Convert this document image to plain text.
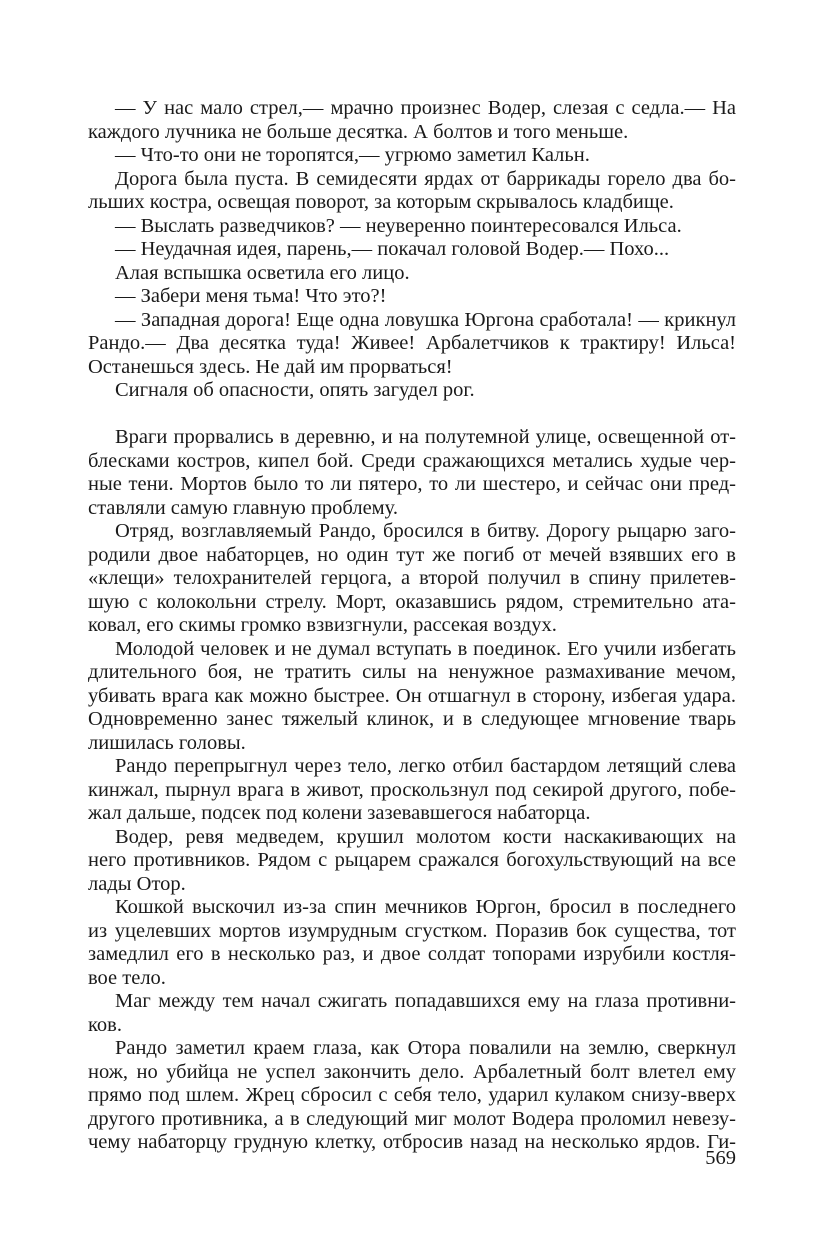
— У нас мало стрел,— мрачно произнес Водер, слезая с седла.— На
каждого лучника не больше десятка. А болтов и того меньше.
— Что-то они не торопятся,— угрюмо заметил Кальн.
Дорога была пуста. В семидесяти ярдах от баррикады горело два бо-
льших костра, освещая поворот, за которым скрывалось кладбище.
— Выслать разведчиков? — неуверенно поинтересовался Ильса.
— Неудачная идея, парень,— покачал головой Водер.— Похо...
Алая вспышка осветила его лицо.
— Забери меня тьма! Что это?!
— Западная дорога! Еще одна ловушка Юргона сработала! — крикнул
Рандо.— Два десятка туда! Живее! Арбалетчиков к трактиру! Ильса!
Останешься здесь. Не дай им прорваться!
Сигналя об опасности, опять загудел рог.
Враги прорвались в деревню, и на полутемной улице, освещенной от-
блесками костров, кипел бой. Среди сражающихся метались худые чер-
ные тени. Мортов было то ли пятеро, то ли шестеро, и сейчас они пред-
ставляли самую главную проблему.
Отряд, возглавляемый Рандо, бросился в битву. Дорогу рыцарю заго-
родили двое набаторцев, но один тут же погиб от мечей взявших его в
«клещи» телохранителей герцога, а второй получил в спину прилетев-
шую с колокольни стрелу. Морт, оказавшись рядом, стремительно ата-
ковал, его скимы громко взвизгнули, рассекая воздух.
Молодой человек и не думал вступать в поединок. Его учили избегать
длительного боя, не тратить силы на ненужное размахивание мечом,
убивать врага как можно быстрее. Он отшагнул в сторону, избегая удара.
Одновременно занес тяжелый клинок, и в следующее мгновение тварь
лишилась головы.
Рандо перепрыгнул через тело, легко отбил бастардом летящий слева
кинжал, пырнул врага в живот, проскользнул под секирой другого, побе-
жал дальше, подсек под колени зазевавшегося набаторца.
Водер, ревя медведем, крушил молотом кости наскакивающих на
него противников. Рядом с рыцарем сражался богохульствующий на все
лады Отор.
Кошкой выскочил из-за спин мечников Юргон, бросил в последнего
из уцелевших мортов изумрудным сгустком. Поразив бок существа, тот
замедлил его в несколько раз, и двое солдат топорами изрубили костля-
вое тело.
Маг между тем начал сжигать попадавшихся ему на глаза противни-
ков.
Рандо заметил краем глаза, как Отора повалили на землю, сверкнул
нож, но убийца не успел закончить дело. Арбалетный болт влетел ему
прямо под шлем. Жрец сбросил с себя тело, ударил кулаком снизу-вверх
другого противника, а в следующий миг молот Водера проломил невезу-
чему набаторцу грудную клетку, отбросив назад на несколько ярдов. Ги-
569
